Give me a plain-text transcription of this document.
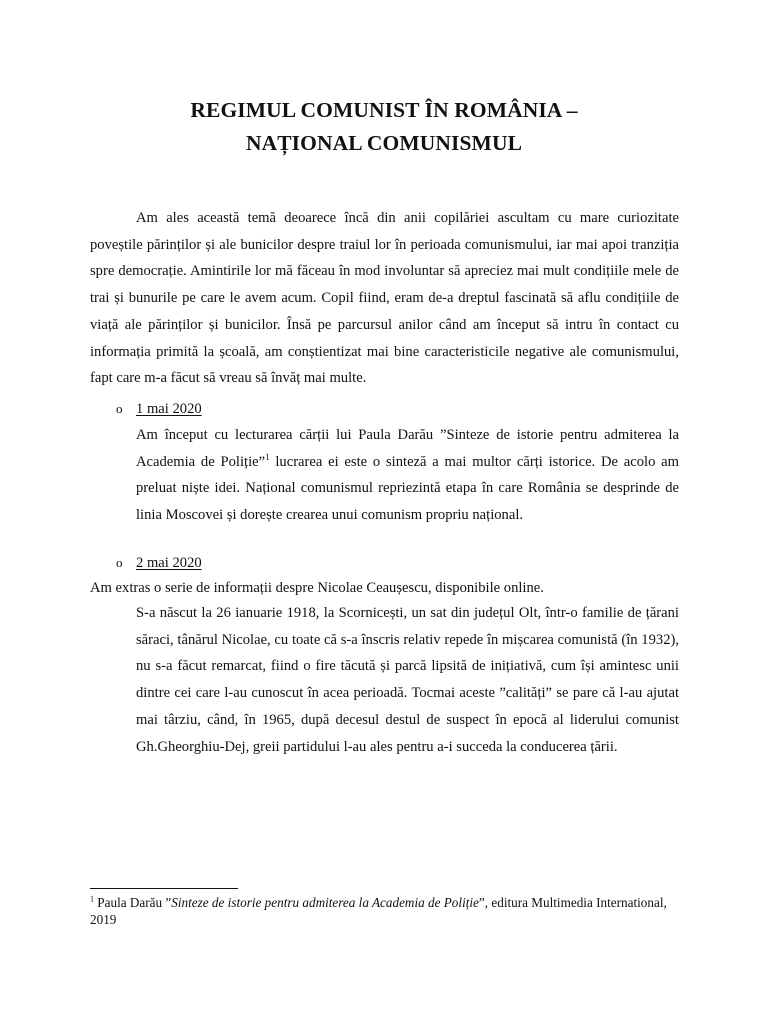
REGIMUL COMUNIST ÎN ROMÂNIA –
NAȚIONAL COMUNISMUL

Am ales această temă deoarece încă din anii copilăriei ascultam cu mare curiozitate poveștile părinților și ale bunicilor despre traiul lor în perioada comunismului, iar mai apoi tranziția spre democrație. Amintirile lor mă făceau în mod involuntar să apreciez mai mult condițiile mele de trai și bunurile pe care le avem acum. Copil fiind, eram de-a dreptul fascinată să aflu condițiile de viață ale părinților și bunicilor. Însă pe parcursul anilor când am început să intru în contact cu informația primită la școală, am conștientizat mai bine caracteristicile negative ale comunismului, fapt care m-a făcut să vreau să învăț mai multe.

o 1 mai 2020

Am început cu lecturarea cărții lui Paula Darău ”Sinteze de istorie pentru admiterea la Academia de Poliție”$^1$ lucrarea ei este o sinteză a mai multor cărți istorice. De acolo am preluat niște idei. Național comunismul repriezintă etapa în care România se desprinde de linia Moscovei și dorește crearea unui comunism propriu național.

o 2 mai 2020
Am extras o serie de informații despre Nicolae Ceaușescu, disponibile online.

S-a născut la 26 ianuarie 1918, la Scornicești, un sat din județul Olt, într-o familie de țărani săraci, tânărul Nicolae, cu toate că s-a înscris relativ repede în mișcarea comunistă (în 1932), nu s-a făcut remarcat, fiind o fire tăcută și parcă lipsită de inițiativă, cum își amintesc unii dintre cei care l-au cunoscut în acea perioadă. Tocmai aceste ”calități” se pare că l-au ajutat mai târziu, când, în 1965, după decesul destul de suspect în epocă al liderului comunist Gh.Gheorghiu-Dej, greii partidului l-au ales pentru a-i succeda la conducerea țării.

$^1$ Paula Darău ”Sinteze de istorie pentru admiterea la Academia de Poliție”, editura Multimedia International, 2019
